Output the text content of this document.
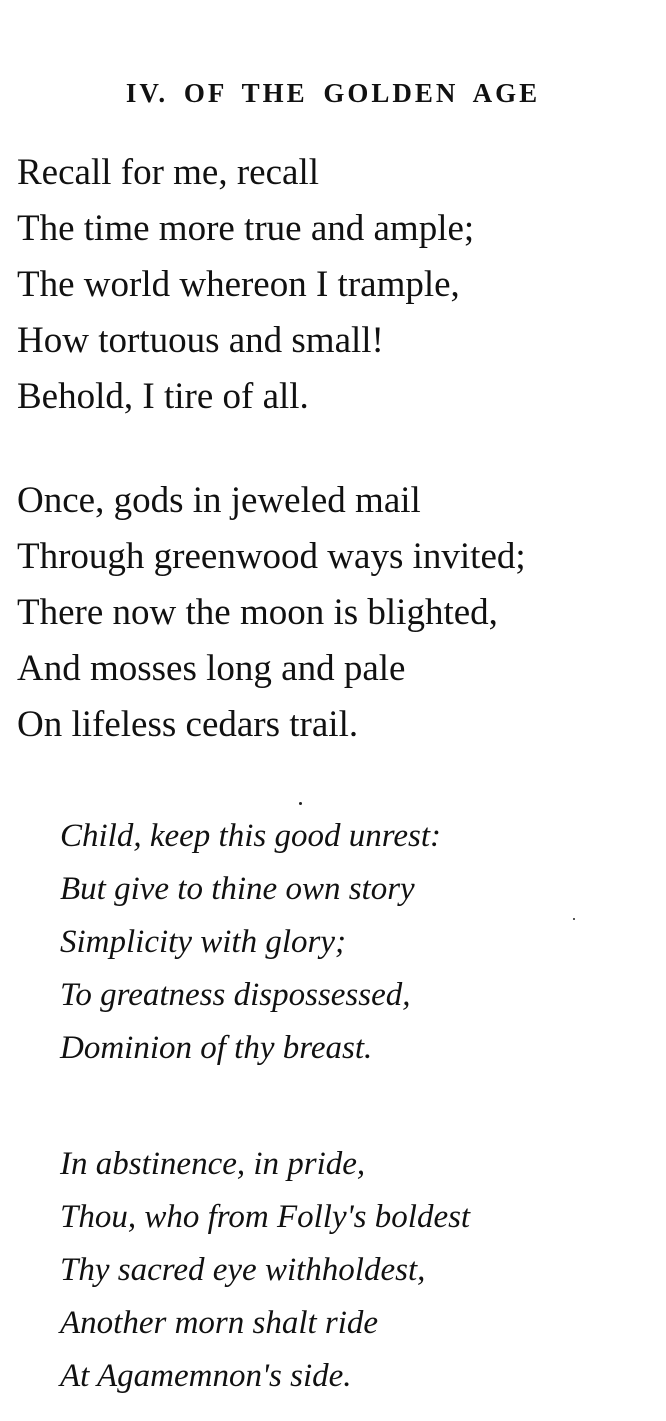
IV. OF THE GOLDEN AGE
Recall for me, recall
The time more true and ample;
The world whereon I trample,
How tortuous and small!
Behold, I tire of all.
Once, gods in jeweled mail
Through greenwood ways invited;
There now the moon is blighted,
And mosses long and pale
On lifeless cedars trail.
Child, keep this good unrest:
But give to thine own story
Simplicity with glory;
To greatness dispossessed,
Dominion of thy breast.
In abstinence, in pride,
Thou, who from Folly's boldest
Thy sacred eye withholdest,
Another morn shalt ride
At Agamemnon's side.
